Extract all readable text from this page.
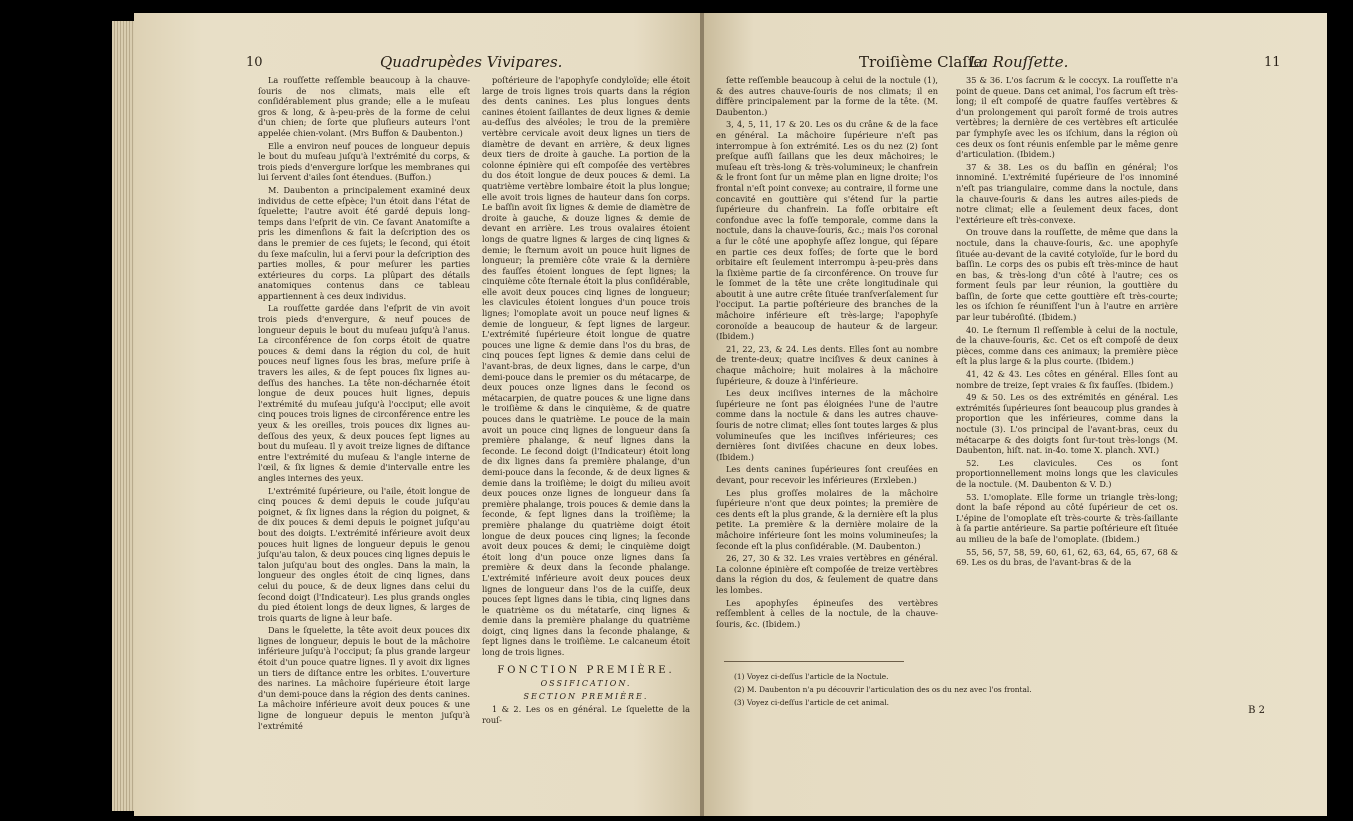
10	Quadrupèdes Vivipares.

La rouſſette reſſemble beaucoup à la chauve-ſouris de nos climats, mais elle eſt conſidérablement plus grande; elle a le muſeau gros & long, & à-peu-près de la forme de celui d'un chien; de ſorte que pluſieurs auteurs l'ont appelée chien-volant. (Mrs Buffon & Daubenton.)

Elle a environ neuf pouces de longueur depuis le bout du muſeau juſqu'à l'extrémité du corps, & trois pieds d'envergure lorſque les membranes qui lui ſervent d'ailes ſont étendues. (Buffon.)

M. Daubenton a principalement examiné deux individus de cette eſpèce; l'un étoit dans l'état de ſquelette; l'autre avoit été gardé depuis long-temps dans l'eſprit de vin. Ce ſavant Anatomiſte a pris les dimenſions & fait la deſcription des os dans le premier de ces ſujets; le ſecond, qui étoit du ſexe maſculin, lui a ſervi pour la deſcription des parties molles, & pour meſurer les parties extérieures du corps. La plûpart des détails anatomiques contenus dans ce tableau appartiennent à ces deux individus.

La rouſſette gardée dans l'eſprit de vin avoit trois pieds d'envergure, & neuf pouces de longueur depuis le bout du muſeau juſqu'à l'anus. La circonférence de ſon corps étoit de quatre pouces & demi dans la région du col, de huit pouces neuf lignes ſous les bras, meſure priſe à travers les ailes, & de ſept pouces ſix lignes au-deſſus des hanches. La tête non-décharnée étoit longue de deux pouces huit lignes, depuis l'extrémité du muſeau juſqu'à l'occiput; elle avoit cinq pouces trois lignes de circonférence entre les yeux & les oreilles, trois pouces dix lignes au-deſſous des yeux, & deux pouces ſept lignes au bout du muſeau. Il y avoit treize lignes de diſtance entre l'extrémité du muſeau & l'angle interne de l'œil, & ſix lignes & demie d'intervalle entre les angles internes des yeux.

L'extrémité ſupérieure, ou l'aile, étoit longue de cinq pouces & demi depuis le coude juſqu'au poignet, & ſix lignes dans la région du poignet, & de dix pouces & demi depuis le poignet juſqu'au bout des doigts. L'extrémité inférieure avoit deux pouces huit lignes de longueur depuis le genou juſqu'au talon, & deux pouces cinq lignes depuis le talon juſqu'au bout des ongles. Dans la main, la longueur des ongles étoit de cinq lignes, dans celui du pouce, & de deux lignes dans celui du ſecond doigt (l'Indicateur). Les plus grands ongles du pied étoient longs de deux lignes, & larges de trois quarts de ligne à leur baſe.

Dans le ſquelette, la tête avoit deux pouces dix lignes de longueur, depuis le bout de la mâchoire inférieure juſqu'à l'occiput; ſa plus grande largeur étoit d'un pouce quatre lignes. Il y avoit dix lignes un tiers de diſtance entre les orbites. L'ouverture des narines. La mâchoire ſupérieure étoit large d'un demi-pouce dans la région des dents canines. La mâchoire inférieure avoit deux pouces & une ligne de longueur depuis le menton juſqu'à l'extrémité

poſtérieure de l'apophyſe condyloïde; elle étoit large de trois lignes trois quarts dans la région des dents canines. Les plus longues dents canines étoient ſaillantes de deux lignes & demie au-deſſus des alvéoles; le trou de la première vertèbre cervicale avoit deux lignes un tiers de diamètre de devant en arrière, & deux lignes deux tiers de droite à gauche. La portion de la colonne épinière qui eſt compoſée des vertèbres du dos étoit longue de deux pouces & demi. La quatrième vertèbre lombaire étoit la plus longue; elle avoit trois lignes de hauteur dans ſon corps. Le baſſin avoit ſix lignes & demie de diamètre de droite à gauche, & douze lignes & demie de devant en arrière. Les trous ovalaires étoient longs de quatre lignes & larges de cinq lignes & demie; le ſternum avoit un pouce huit lignes de longueur; la première côte vraie & la dernière des fauſſes étoient longues de ſept lignes; la cinquième côte ſternale étoit la plus conſidérable, elle avoit deux pouces cinq lignes de longueur; les clavicules étoient longues d'un pouce trois lignes; l'omoplate avoit un pouce neuf lignes & demie de longueur, & ſept lignes de largeur. L'extrémité ſupérieure étoit longue de quatre pouces une ligne & demie dans l'os du bras, de cinq pouces ſept lignes & demie dans celui de l'avant-bras, de deux lignes, dans le carpe, d'un demi-pouce dans le premier os du métacarpe, de deux pouces onze lignes dans le ſecond os métacarpien, de quatre pouces & une ligne dans le troiſième & dans le cinquième, & de quatre pouces dans le quatrième. Le pouce de la main avoit un pouce cinq lignes de longueur dans ſa première phalange, & neuf lignes dans la ſeconde. Le ſecond doigt (l'Indicateur) étoit long de dix lignes dans ſa première phalange, d'un demi-pouce dans la ſeconde, & de deux lignes & demie dans la troiſième; le doigt du milieu avoit deux pouces onze lignes de longueur dans ſa première phalange, trois pouces & demie dans la ſeconde, & ſept lignes dans la troiſième; la première phalange du quatrième doigt étoit longue de deux pouces cinq lignes; la ſeconde avoit deux pouces & demi; le cinquième doigt étoit long d'un pouce onze lignes dans ſa première & deux dans la ſeconde phalange. L'extrémité inférieure avoit deux pouces deux lignes de longueur dans l'os de la cuiſſe, deux pouces ſept lignes dans le tibia, cinq lignes dans le quatrième os du métatarſe, cinq lignes & demie dans la première phalange du quatrième doigt, cinq lignes dans la ſeconde phalange, & ſept lignes dans le troiſième. Le calcaneum étoit long de trois lignes.

FONCTION PREMIÈRE.
OSSIFICATION.
SECTION PREMIÈRE.

1 & 2. Les os en général. Le ſquelette de la rouſ-

Troiſième Claſſe.
La Rouſſette.	11

ſette reſſemble beaucoup à celui de la noctule (1), & des autres chauve-ſouris de nos climats; il en diffère principalement par la forme de la tête. (M. Daubenton.)

3, 4, 5, 11, 17 & 20. Les os du crâne & de la face en général. La mâchoire ſupérieure n'eſt pas interrompue à ſon extrémité. Les os du nez (2) ſont preſque auſſi ſaillans que les deux mâchoires; le muſeau eſt très-long & très-volumineux; le chanfrein & le front ſont ſur un même plan en ligne droite; l'os frontal n'eſt point convexe; au contraire, il forme une concavité en gouttière qui s'étend ſur la partie ſupérieure du chanfrein. La foſſe orbitaire eſt confondue avec la foſſe temporale, comme dans la noctule, dans la chauve-ſouris, &c.; mais l'os coronal a ſur le côté une apophyſe aſſez longue, qui ſépare en partie ces deux foſſes; de ſorte que le bord orbitaire eſt ſeulement interrompu à-peu-près dans la ſixième partie de ſa circonférence. On trouve ſur le ſommet de la tête une crête longitudinale qui aboutit à une autre crête ſituée tranſverſalement ſur l'occiput. La partie poſtérieure des branches de la mâchoire inférieure eſt très-large; l'apophyſe coronoïde a beaucoup de hauteur & de largeur. (Ibidem.)

21, 22, 23, & 24. Les dents. Elles ſont au nombre de trente-deux; quatre inciſives & deux canines à chaque mâchoire; huit molaires à la mâchoire ſupérieure, & douze à l'inférieure.

Les deux inciſives internes de la mâchoire ſupérieure ne ſont pas éloignées l'une de l'autre comme dans la noctule & dans les autres chauve-ſouris de notre climat; elles ſont toutes larges & plus volumineuſes que les inciſives inférieures; ces dernières ſont diviſées chacune en deux lobes. (Ibidem.)

Les dents canines ſupérieures ſont creuſées en devant, pour recevoir les inférieures (Erxleben.)

Les plus groſſes molaires de la mâchoire ſupérieure n'ont que deux pointes; la première de ces dents eſt la plus grande, & la dernière eſt la plus petite. La première & la dernière molaire de la mâchoire inférieure ſont les moins volumineuſes; la ſeconde eſt la plus conſidérable. (M. Daubenton.)

26, 27, 30 & 32. Les vraies vertèbres en général. La colonne épinière eſt compoſée de treize vertèbres dans la région du dos, & ſeulement de quatre dans les lombes.

Les apophyſes épineuſes des vertèbres reſſemblent à celles de la noctule, de la chauve-ſouris, &c. (Ibidem.)

35 & 36. L'os ſacrum & le coccyx. La rouſſette n'a point de queue. Dans cet animal, l'os ſacrum eſt très-long; il eſt compoſé de quatre fauſſes vertèbres & d'un prolongement qui paroît formé de trois autres vertèbres; la dernière de ces vertèbres eſt articulée par ſymphyſe avec les os iſchium, dans la région où ces deux os ſont réunis enſemble par le même genre d'articulation. (Ibidem.)

37 & 38. Les os du baſſin en général; l'os innominé. L'extrémité ſupérieure de l'os innominé n'eſt pas triangulaire, comme dans la noctule, dans la chauve-ſouris & dans les autres ailes-pieds de notre climat; elle a ſeulement deux faces, dont l'extérieure eſt très-convexe.

On trouve dans la rouſſette, de même que dans la noctule, dans la chauve-ſouris, &c. une apophyſe ſituée au-devant de la cavité cotyloïde, ſur le bord du baſſin. Le corps des os pubis eſt très-mince de haut en bas, & très-long d'un côté à l'autre; ces os forment ſeuls par leur réunion, la gouttière du baſſin, de ſorte que cette gouttière eſt très-courte; les os iſchion ſe réuniſſent l'un à l'autre en arrière par leur tubéroſité. (Ibidem.)

40. Le ſternum Il reſſemble à celui de la noctule, de la chauve-ſouris, &c. Cet os eſt compoſé de deux pièces, comme dans ces animaux; la première pièce eſt la plus large & la plus courte. (Ibidem.)

41, 42 & 43. Les côtes en général. Elles ſont au nombre de treize, ſept vraies & ſix fauſſes. (Ibidem.)

49 & 50. Les os des extrémités en général. Les extrémités ſupérieures ſont beaucoup plus grandes à proportion que les inférieures, comme dans la noctule (3). L'os principal de l'avant-bras, ceux du métacarpe & des doigts ſont ſur-tout très-longs (M. Daubenton, hiſt. nat. in-4o. tome X. planch. XVI.)

52. Les clavicules. Ces os ſont proportionnellement moins longs que les clavicules de la noctule. (M. Daubenton & V. D.)

53. L'omoplate. Elle forme un triangle très-long; dont la baſe répond au côté ſupérieur de cet os. L'épine de l'omoplate eſt très-courte & très-ſaillante à ſa partie antérieure. Sa partie poſtérieure eſt ſituée au milieu de la baſe de l'omoplate. (Ibidem.)

55, 56, 57, 58, 59, 60, 61, 62, 63, 64, 65, 67, 68 & 69. Les os du bras, de l'avant-bras & de la

(1) Voyez ci-deſſus l'article de la Noctule.
(2) M. Daubenton n'a pu découvrir l'articulation des os du nez avec l'os frontal.
(3) Voyez ci-deſſus l'article de cet animal.
B 2
